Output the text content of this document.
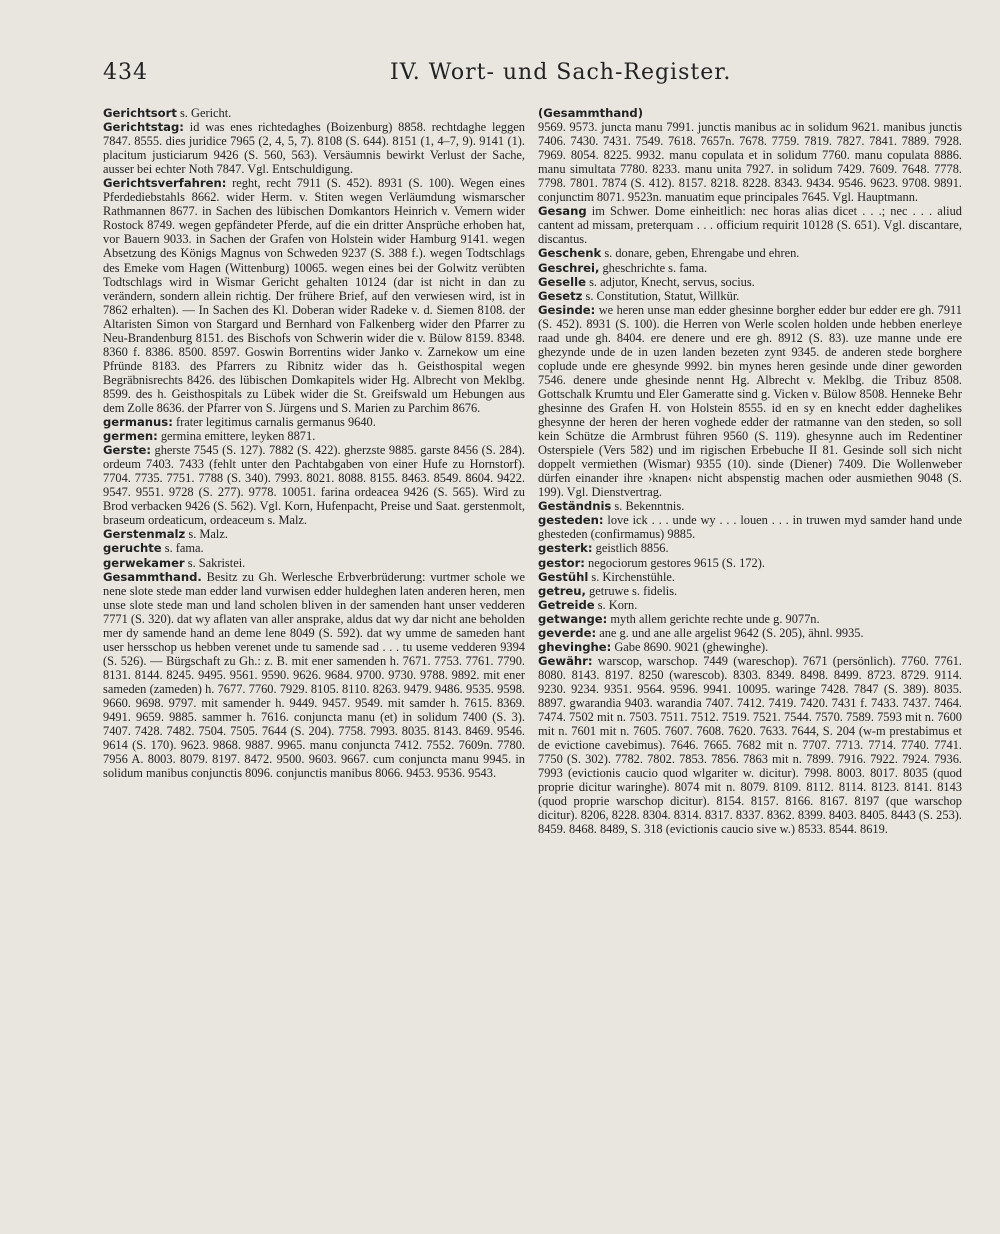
434	IV. Wort- und Sach-Register.

Gerichtsort s. Gericht.

Gerichtstag: id was enes richtedaghes (Boizenburg) 8858. rechtdaghe leggen 7847. 8555. dies juridice 7965 (2, 4, 5, 7). 8108 (S. 644). 8151 (1, 4–7, 9). 9141 (1). placitum justiciarum 9426 (S. 560, 563). Versäumnis bewirkt Verlust der Sache, ausser bei echter Noth 7847. Vgl. Entschuldigung.

Gerichtsverfahren: reght, recht 7911 (S. 452). 8931 (S. 100). Wegen eines Pferdediebstahls 8662. wider Herm. v. Stiten wegen Verläumdung wismarscher Rathmannen 8677. in Sachen des lübischen Domkantors Heinrich v. Vemern wider Rostock 8749. wegen gepfändeter Pferde, auf die ein dritter Ansprüche erhoben hat, vor Bauern 9033. in Sachen der Grafen von Holstein wider Hamburg 9141. wegen Absetzung des Königs Magnus von Schweden 9237 (S. 388 f.). wegen Todtschlags des Emeke vom Hagen (Wittenburg) 10065. wegen eines bei der Golwitz verübten Todtschlags wird in Wismar Gericht gehalten 10124 (dar ist nicht in dan zu verändern, sondern allein richtig. Der frühere Brief, auf den verwiesen wird, ist in 7862 erhalten). — In Sachen des Kl. Doberan wider Radeke v. d. Siemen 8108. der Altaristen Simon von Stargard und Bernhard von Falkenberg wider den Pfarrer zu Neu-Brandenburg 8151. des Bischofs von Schwerin wider die v. Bülow 8159. 8348. 8360 f. 8386. 8500. 8597. Goswin Borrentins wider Janko v. Zarnekow um eine Pfründe 8183. des Pfarrers zu Ribnitz wider das h. Geisthospital wegen Begräbnisrechts 8426. des lübischen Domkapitels wider Hg. Albrecht von Meklbg. 8599. des h. Geisthospitals zu Lübek wider die St. Greifswald um Hebungen aus dem Zolle 8636. der Pfarrer von S. Jürgens und S. Marien zu Parchim 8676.

germanus: frater legitimus carnalis germanus 9640.

germen: germina emittere, leyken 8871.

Gerste: gherste 7545 (S. 127). 7882 (S. 422). gherzste 9885. garste 8456 (S. 284). ordeum 7403. 7433 (fehlt unter den Pachtabgaben von einer Hufe zu Hornstorf). 7704. 7735. 7751. 7788 (S. 340). 7993. 8021. 8088. 8155. 8463. 8549. 8604. 9422. 9547. 9551. 9728 (S. 277). 9778. 10051. farina ordeacea 9426 (S. 565). Wird zu Brod verbacken 9426 (S. 562). Vgl. Korn, Hufenpacht, Preise und Saat. gerstenmolt, braseum ordeaticum, ordeaceum s. Malz.

Gerstenmalz s. Malz.

geruchte s. fama.

gerwekamer s. Sakristei.

Gesammthand. Besitz zu Gh. Werlesche Erbverbrüderung: vurtmer schole we nene slote stede man edder land vurwisen edder huldeghen laten anderen heren, men unse slote stede man und land scholen bliven in der samenden hant unser vedderen 7771 (S. 320). dat wy aflaten van aller ansprake, aldus dat wy dar nicht ane beholden mer dy samende hand an deme lene 8049 (S. 592). dat wy umme de sameden hant user hersschop us hebben verenet unde tu samende sad . . . tu useme vedderen 9394 (S. 526). — Bürgschaft zu Gh.: z. B. mit ener samenden h. 7671. 7753. 7761. 7790. 8131. 8144. 8245. 9495. 9561. 9590. 9626. 9684. 9700. 9730. 9788. 9892. mit ener sameden (zameden) h. 7677. 7760. 7929. 8105. 8110. 8263. 9479. 9486. 9535. 9598. 9660. 9698. 9797. mit samender h. 9449. 9457. 9549. mit samder h. 7615. 8369. 9491. 9659. 9885. sammer h. 7616. conjuncta manu (et) in solidum 7400 (S. 3). 7407. 7428. 7482. 7504. 7505. 7644 (S. 204). 7758. 7993. 8035. 8143. 8469. 9546. 9614 (S. 170). 9623. 9868. 9887. 9965. manu conjuncta 7412. 7552. 7609n. 7780. 7956 A. 8003. 8079. 8197. 8472. 9500. 9603. 9667. cum conjuncta manu 9945. in solidum manibus conjunctis 8096. conjunctis manibus 8066. 9453. 9536. 9543.

(Gesammthand)

9569. 9573. juncta manu 7991. junctis manibus ac in solidum 9621. manibus junctis 7406. 7430. 7431. 7549. 7618. 7657n. 7678. 7759. 7819. 7827. 7841. 7889. 7928. 7969. 8054. 8225. 9932. manu copulata et in solidum 7760. manu copulata 8886. manu simultata 7780. 8233. manu unita 7927. in solidum 7429. 7609. 7648. 7778. 7798. 7801. 7874 (S. 412). 8157. 8218. 8228. 8343. 9434. 9546. 9623. 9708. 9891. conjunctim 8071. 9523n. manuatim eque principales 7645. Vgl. Hauptmann.

Gesang im Schwer. Dome einheitlich: nec horas alias dicet . . .; nec . . . aliud cantent ad missam, preterquam . . . officium requirit 10128 (S. 651). Vgl. discantare, discantus.

Geschenk s. donare, geben, Ehrengabe und ehren.

Geschrei, gheschrichte s. fama.

Geselle s. adjutor, Knecht, servus, socius.

Gesetz s. Constitution, Statut, Willkür.

Gesinde: we heren unse man edder ghesinne borgher edder bur edder ere gh. 7911 (S. 452). 8931 (S. 100). die Herren von Werle scolen holden unde hebben enerleye raad unde gh. 8404. ere denere und ere gh. 8912 (S. 83). uze manne unde ere ghezynde unde de in uzen landen bezeten zynt 9345. de anderen stede borghere coplude unde ere ghesynde 9992. bin mynes heren gesinde unde diner geworden 7546. denere unde ghesinde nennt Hg. Albrecht v. Meklbg. die Tribuz 8508. Gottschalk Krumtu und Eler Gameratte sind g. Vicken v. Bülow 8508. Henneke Behr ghesinne des Grafen H. von Holstein 8555. id en sy en knecht edder daghelikes ghesynne der heren der heren voghede edder der ratmanne van den steden, so soll kein Schütze die Armbrust führen 9560 (S. 119). ghesynne auch im Redentiner Osterspiele (Vers 582) und im rigischen Erbebuche II 81. Gesinde soll sich nicht doppelt vermiethen (Wismar) 9355 (10). sinde (Diener) 7409. Die Wollenweber dürfen einander ihre ›knapen‹ nicht abspenstig machen oder ausmiethen 9048 (S. 199). Vgl. Dienstvertrag.

Geständnis s. Bekenntnis.

gesteden: love ick . . . unde wy . . . louen . . . in truwen myd samder hand unde ghesteden (confirmamus) 9885.

gesterk: geistlich 8856.

gestor: negociorum gestores 9615 (S. 172).

Gestühl s. Kirchenstühle.

getreu, getruwe s. fidelis.

Getreide s. Korn.

getwange: myth allem gerichte rechte unde g. 9077n.

geverde: ane g. und ane alle argelist 9642 (S. 205), ähnl. 9935.

ghevinghe: Gabe 8690. 9021 (ghewinghe).

Gewähr: warscop, warschop. 7449 (wareschop). 7671 (persönlich). 7760. 7761. 8080. 8143. 8197. 8250 (warescob). 8303. 8349. 8498. 8499. 8723. 8729. 9114. 9230. 9234. 9351. 9564. 9596. 9941. 10095. waringe 7428. 7847 (S. 389). 8035. 8897. gwarandia 9403. warandia 7407. 7412. 7419. 7420. 7431 f. 7433. 7437. 7464. 7474. 7502 mit n. 7503. 7511. 7512. 7519. 7521. 7544. 7570. 7589. 7593 mit n. 7600 mit n. 7601 mit n. 7605. 7607. 7608. 7620. 7633. 7644, S. 204 (w-m prestabimus et de evictione cavebimus). 7646. 7665. 7682 mit n. 7707. 7713. 7714. 7740. 7741. 7750 (S. 302). 7782. 7802. 7853. 7856. 7863 mit n. 7899. 7916. 7922. 7924. 7936. 7993 (evictionis caucio quod wlgariter w. dicitur). 7998. 8003. 8017. 8035 (quod proprie dicitur waringhe). 8074 mit n. 8079. 8109. 8112. 8114. 8123. 8141. 8143 (quod proprie warschop dicitur). 8154. 8157. 8166. 8167. 8197 (que warschop dicitur). 8206, 8228. 8304. 8314. 8317. 8337. 8362. 8399. 8403. 8405. 8443 (S. 253). 8459. 8468. 8489, S. 318 (evictionis caucio sive w.) 8533. 8544. 8619.
